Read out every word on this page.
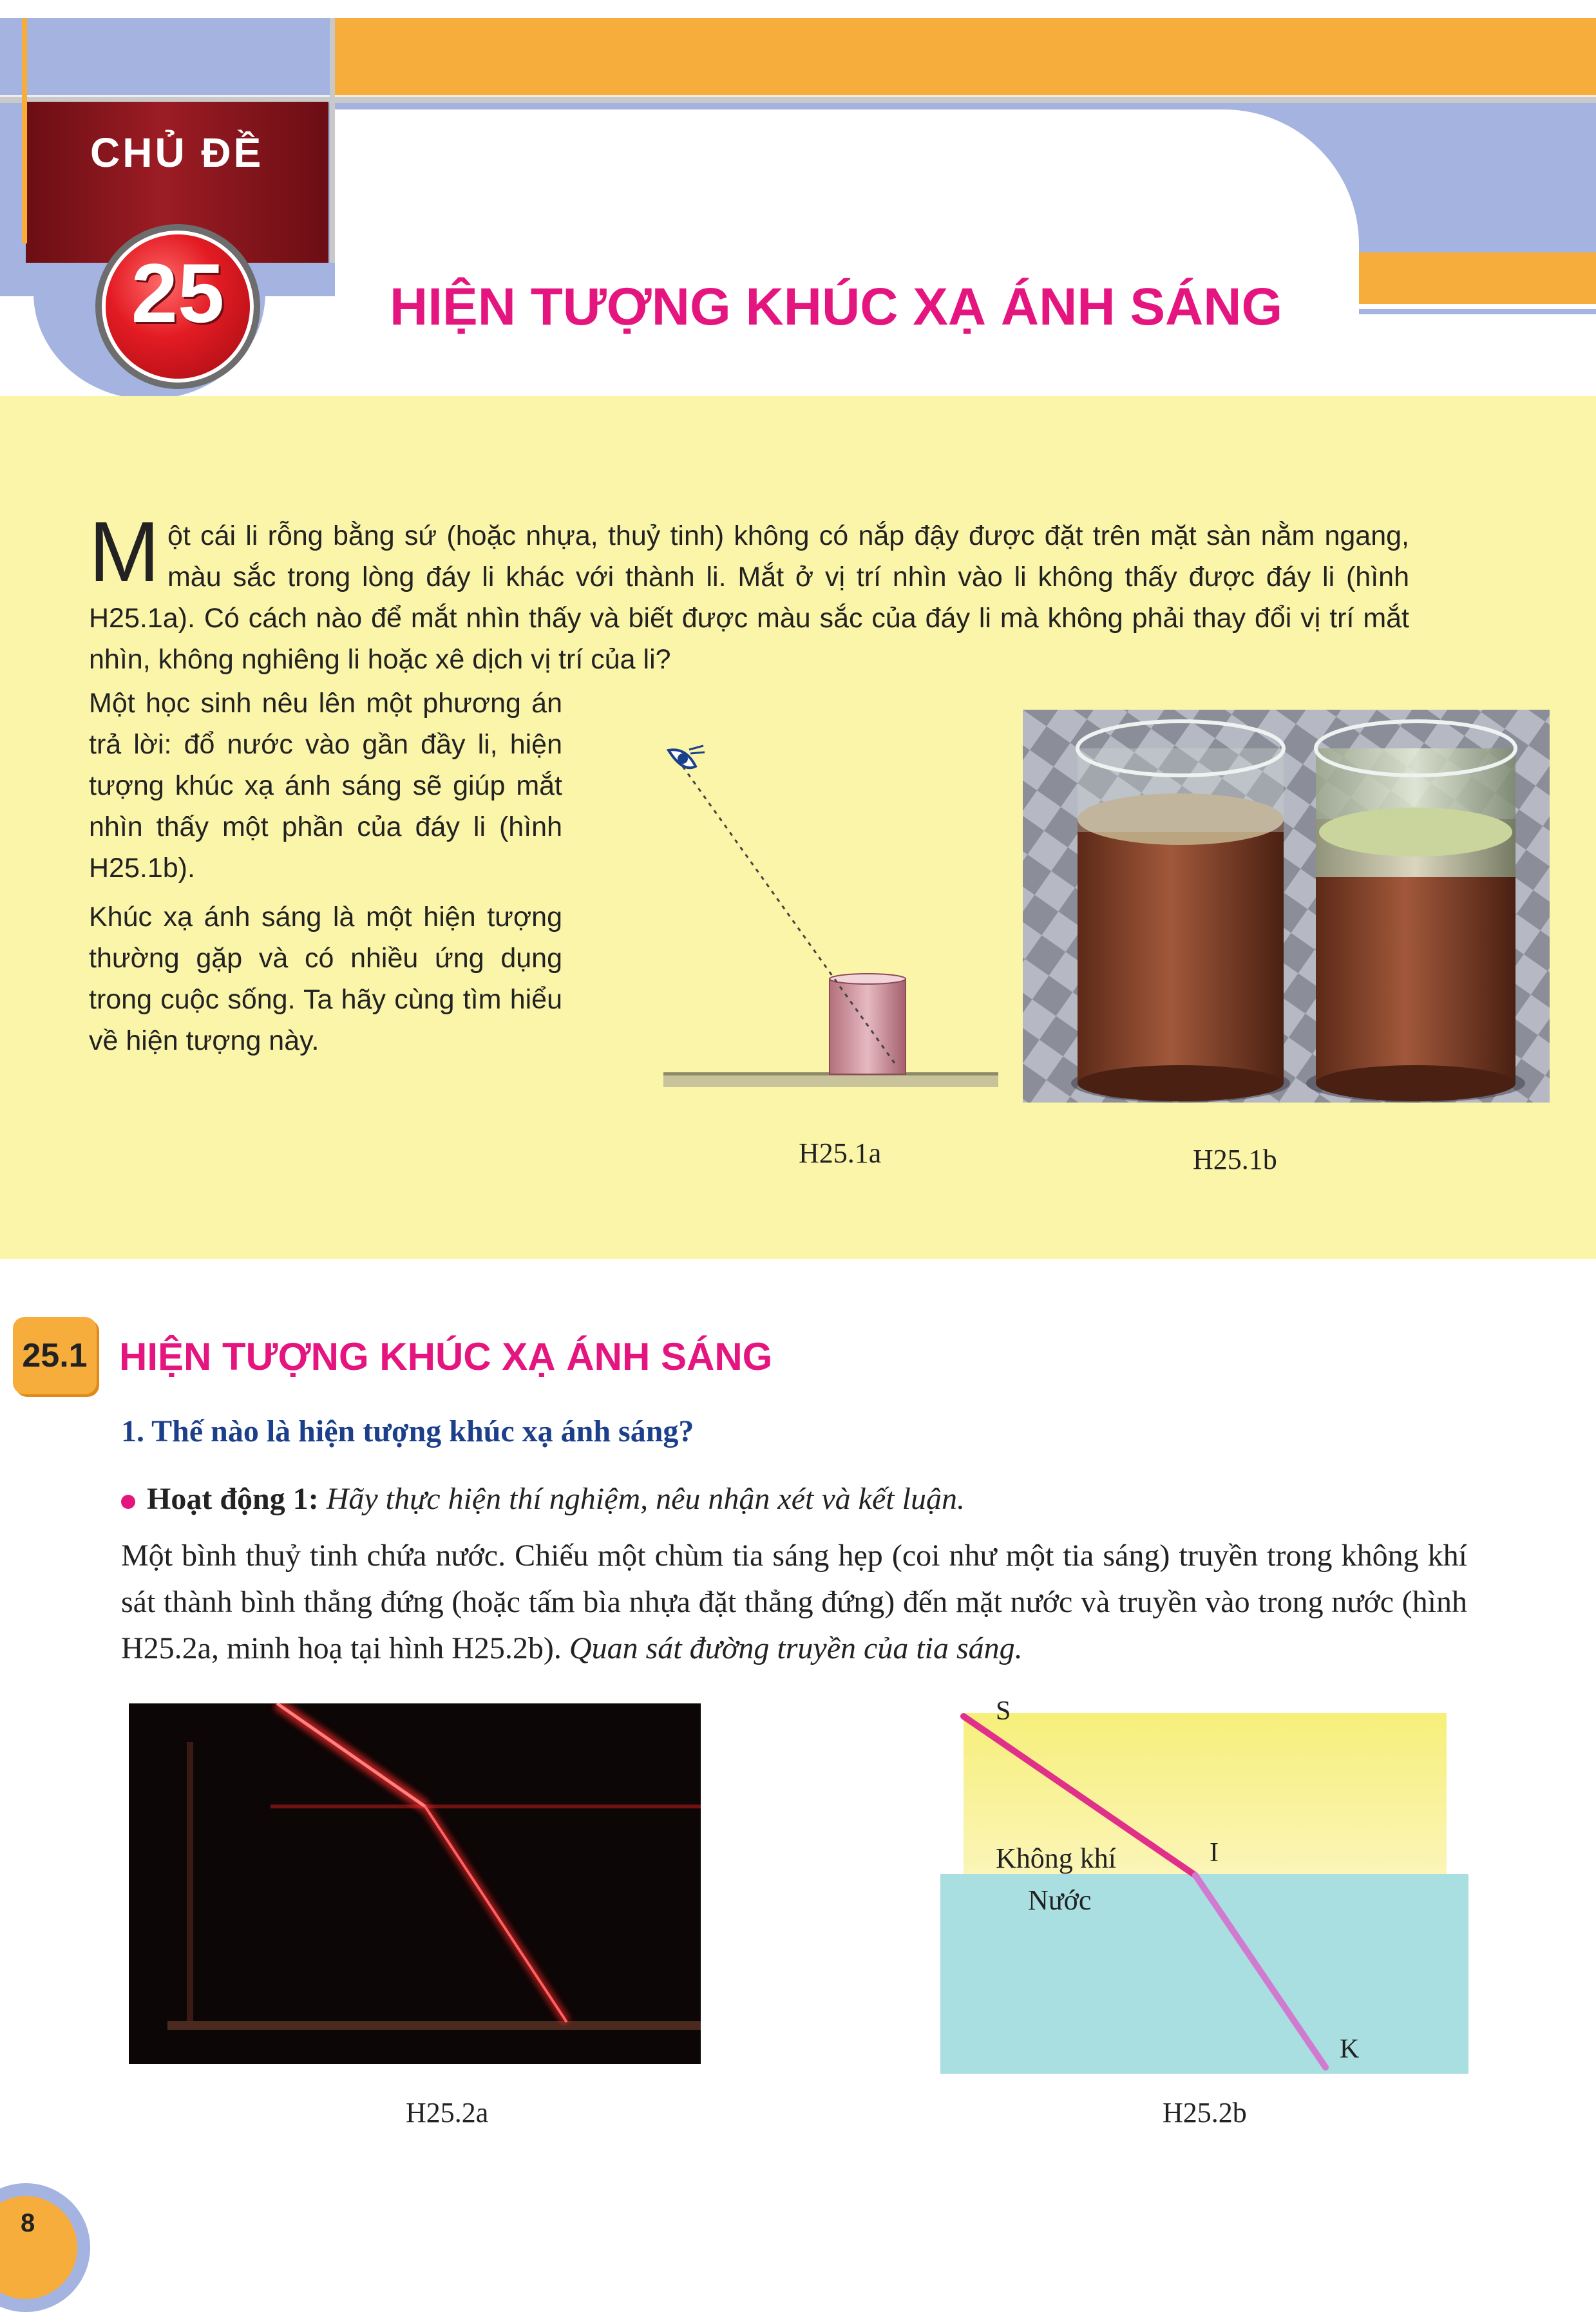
CHỦ ĐỀ
25	HIỆN TƯỢNG KHÚC XẠ ÁNH SÁNG
Một cái li rỗng bằng sứ (hoặc nhựa, thuỷ tinh) không có nắp đậy được đặt trên mặt sàn nằm ngang, màu sắc trong lòng đáy li khác với thành li. Mắt ở vị trí nhìn vào li không thấy được đáy li (hình H25.1a). Có cách nào để mắt nhìn thấy và biết được màu sắc của đáy li mà không phải thay đổi vị trí mắt nhìn, không nghiêng li hoặc xê dịch vị trí của li?

Một học sinh nêu lên một phương án trả lời: đổ nước vào gần đầy li, hiện tượng khúc xạ ánh sáng sẽ giúp mắt nhìn thấy một phần của đáy li (hình H25.1b).

Khúc xạ ánh sáng là một hiện tượng thường gặp và có nhiều ứng dụng trong cuộc sống. Ta hãy cùng tìm hiểu về hiện tượng này.

H25.1a	H25.1b
25.1 HIỆN TƯỢNG KHÚC XẠ ÁNH SÁNG
1. Thế nào là hiện tượng khúc xạ ánh sáng?
Hoạt động 1: Hãy thực hiện thí nghiệm, nêu nhận xét và kết luận.
Một bình thuỷ tinh chứa nước. Chiếu một chùm tia sáng hẹp (coi như một tia sáng) truyền trong không khí sát thành bình thẳng đứng (hoặc tấm bìa nhựa đặt thẳng đứng) đến mặt nước và truyền vào trong nước (hình H25.2a, minh hoạ tại hình H25.2b). Quan sát đường truyền của tia sáng.
H25.2a
S
I
K
Không khí
Nước
H25.2b
8
